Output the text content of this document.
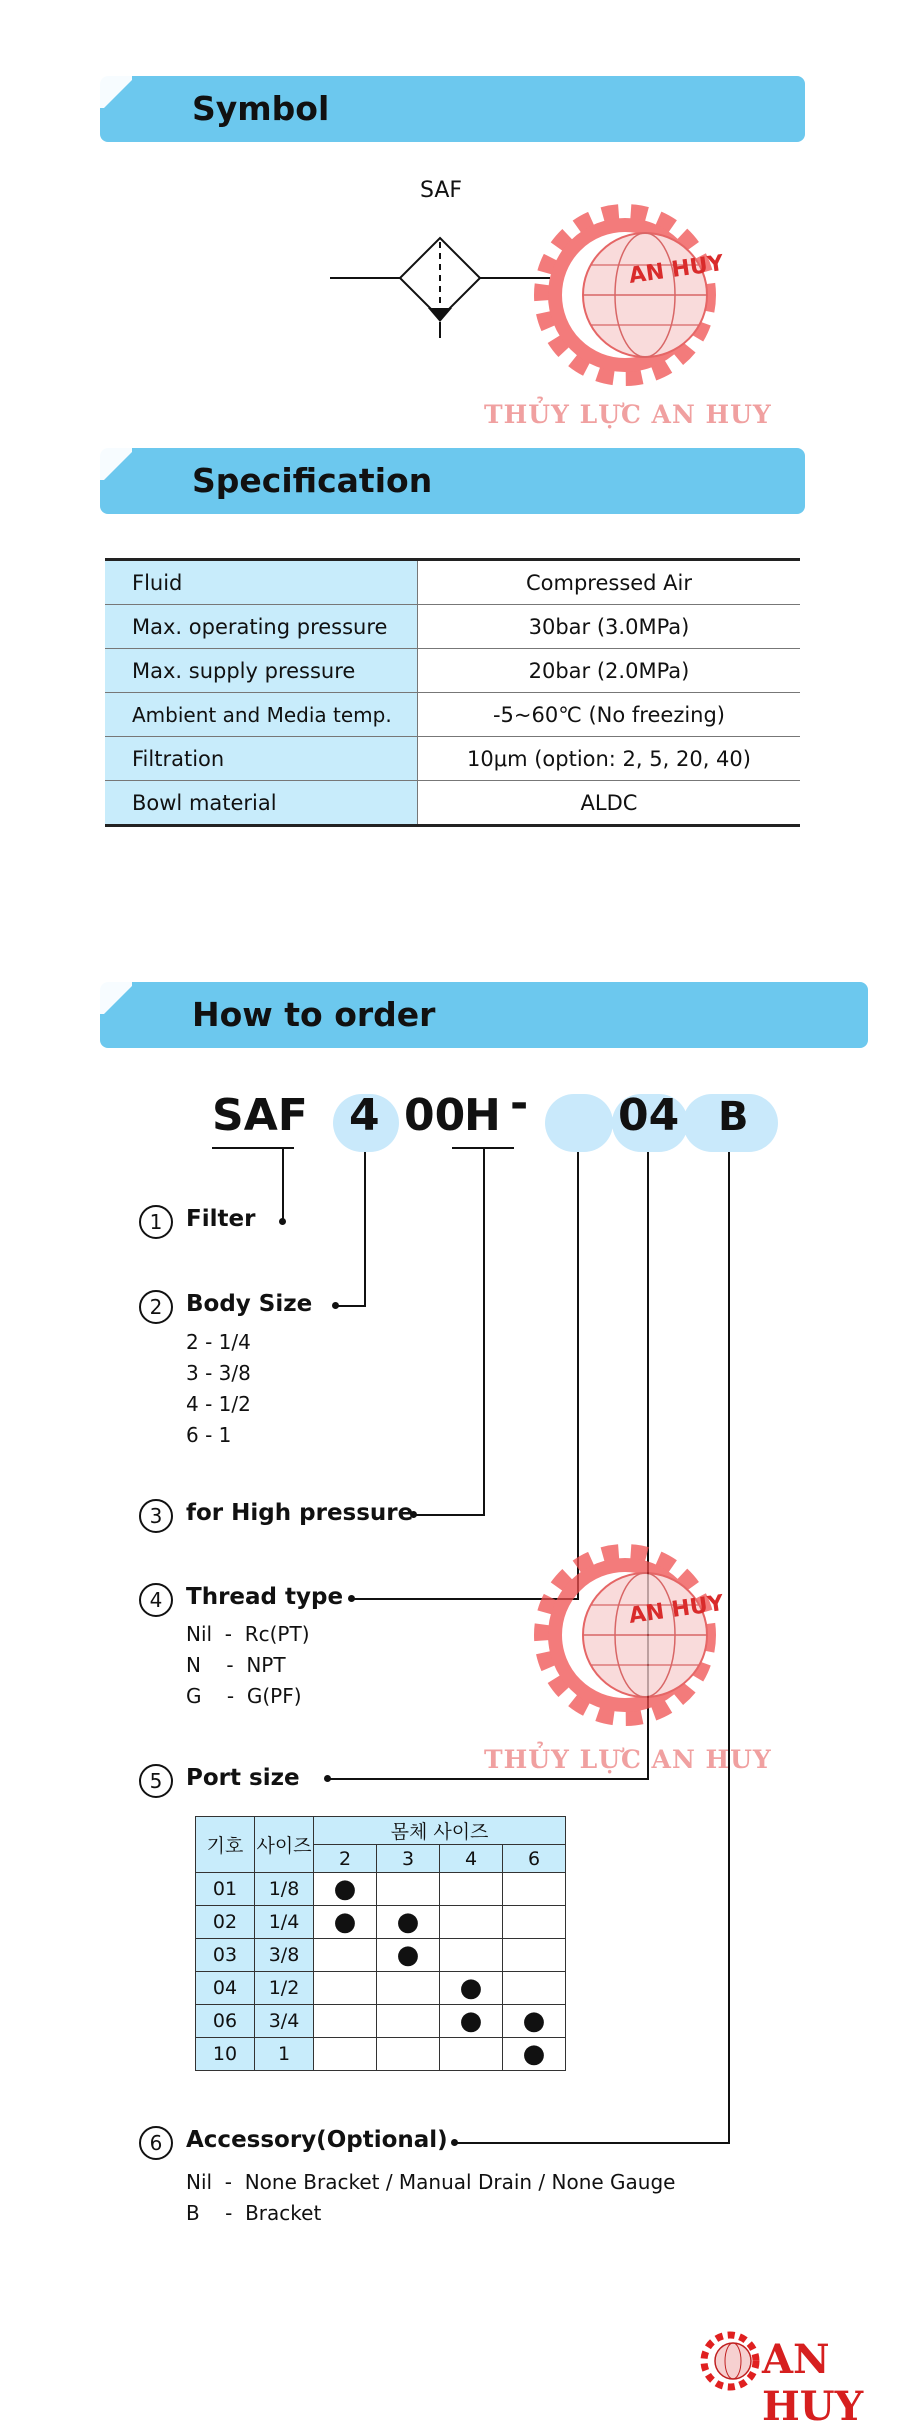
Symbol
SAF
AN HUY
THỦY LỰC AN HUY
Specification
Fluid	Compressed Air
Max. operating pressure	30bar (3.0MPa)
Max. supply pressure	20bar (2.0MPa)
Ambient and Media temp.	-5~60℃ (No freezing)
Filtration	10μm (option: 2, 5, 20, 40)
Bowl material	ALDC
How to order
SAF 4 00
H - 04 B
1	Filter
2	Body Size
2 - 1/4
3 - 3/8
4 - 1/2
6 - 1
3	for High pressure
4	Thread type
Nil  -  Rc(PT)
N    -  NPT
G    -  G(PF)
AN HUY
THỦY LỰC AN HUY
5	Port size
기호	사이즈	몸체 사이즈			
		2	3	4	6
01	1/8	●			
02	1/4	●	●		
03	3/8		●		
04	1/2			●	
06	3/4			●	●
10	1				●
6	Accessory(Optional)
Nil  -  None Bracket / Manual Drain / None Gauge
B    -  Bracket
AN HUY
